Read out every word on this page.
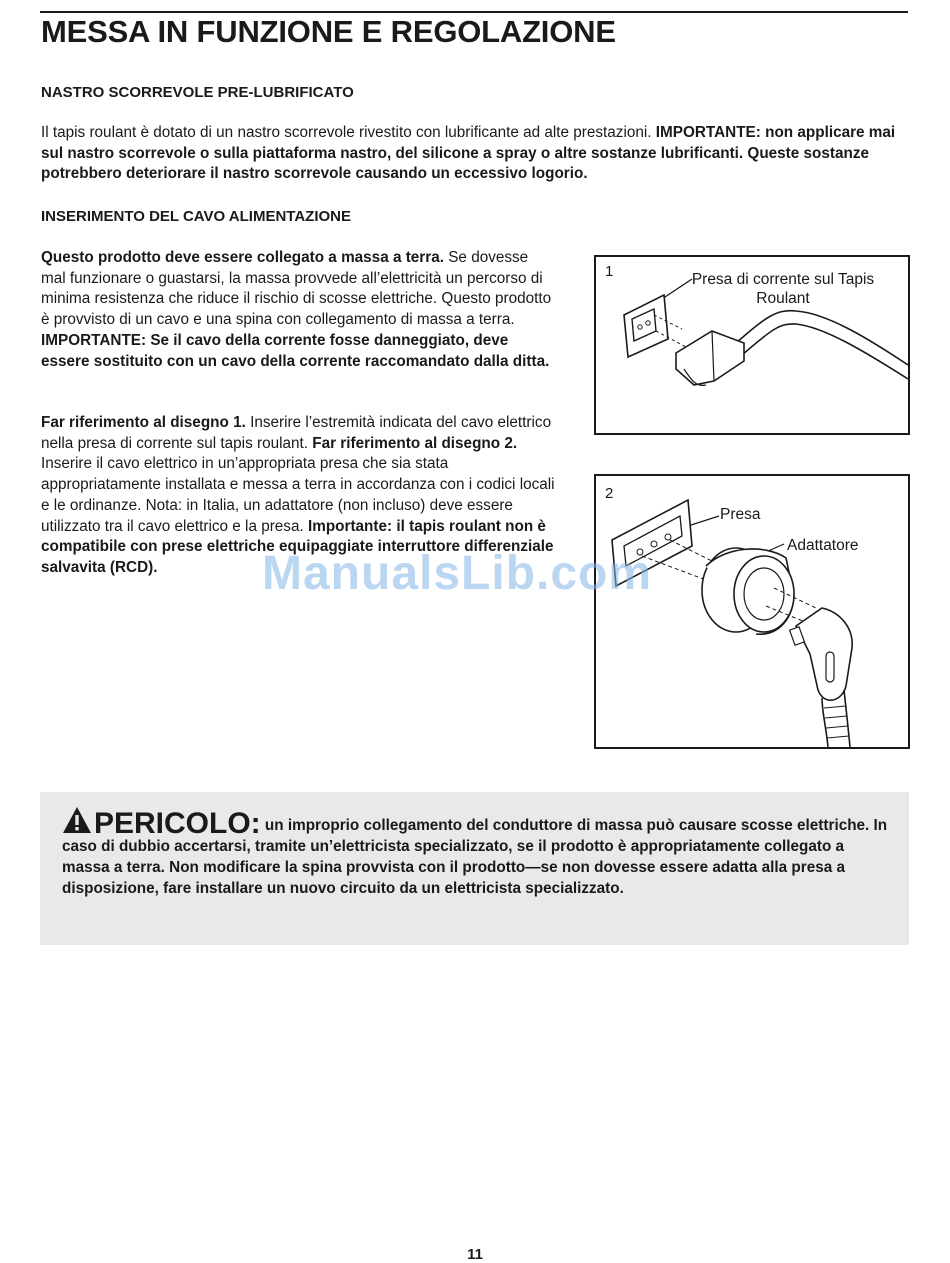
MESSA IN FUNZIONE E REGOLAZIONE
NASTRO SCORREVOLE PRE-LUBRIFICATO

Il tapis roulant è dotato di un nastro scorrevole rivestito con lubrificante ad alte prestazioni. IMPORTANTE: non applicare mai sul nastro scorrevole o sulla piattaforma nastro, del silicone a spray o altre sostanze lubrificanti. Queste sostanze potrebbero deteriorare il nastro scorrevole causando un eccessivo logorio.

INSERIMENTO DEL CAVO ALIMENTAZIONE

Questo prodotto deve essere collegato a massa a terra. Se dovesse mal funzionare o guastarsi, la massa provvede all’elettricità un percorso di minima resistenza che riduce il rischio di scosse elettriche. Questo prodotto è provvisto di un cavo e una spina con collegamento di massa a terra. IMPORTANTE: Se il cavo della corrente fosse danneggiato, deve essere sostituito con un cavo della corrente raccomandato dalla ditta.

Far riferimento al disegno 1. Inserire l’estremità indicata del cavo elettrico nella presa di corrente sul tapis roulant. Far riferimento al disegno 2. Inserire il cavo elettrico in un’appropriata presa che sia stata appropriatamente installata e messa a terra in accordanza con i codici locali e le ordinanze. Nota: in Italia, un adattatore (non incluso) deve essere utilizzato tra il cavo elettrico e la presa. Importante: il tapis roulant non è compatibile con prese elettriche equipaggiate interruttore differenziale salvavita (RCD).

1	Presa di corrente sul Tapis Roulant
2
Presa
Adattatore
ManualsLib.com

PERICOLO: un improprio collegamento del conduttore di massa può causare scosse elettriche. In caso di dubbio accertarsi, tramite un’elettricista specializzato, se il prodotto è appropriatamente collegato a massa a terra. Non modificare la spina provvista con il prodotto—se non dovesse essere adatta alla presa a disposizione, fare installare un nuovo circuito da un elettricista specializzato.

11
